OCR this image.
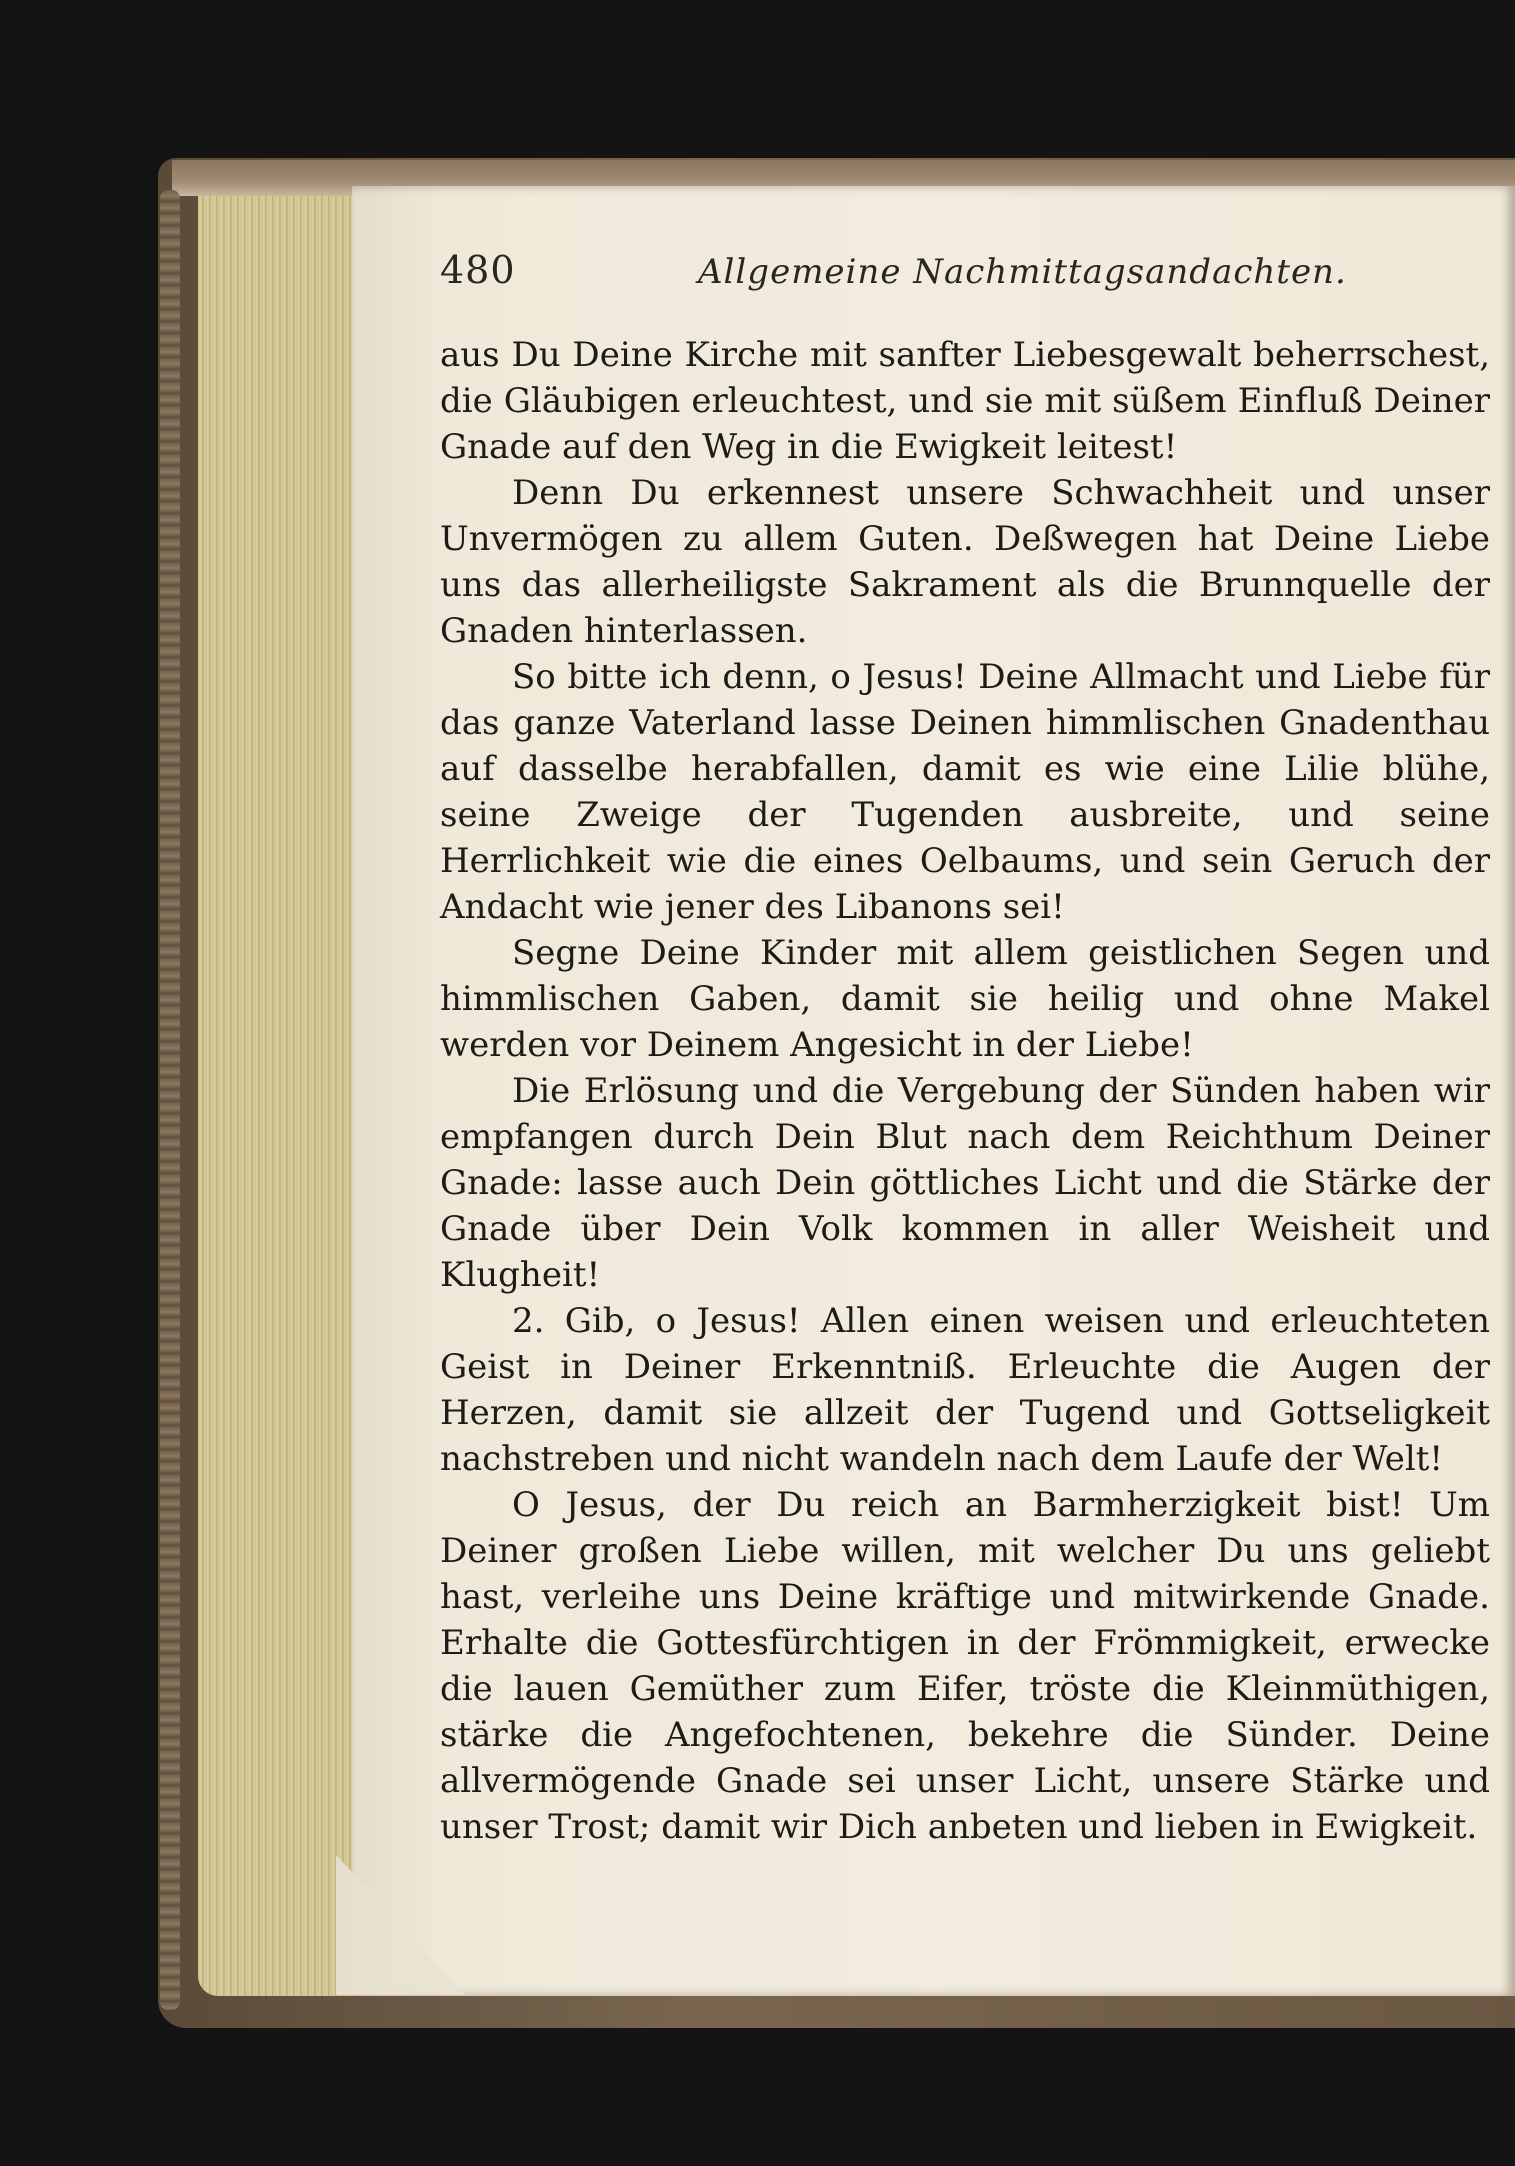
480	Allgemeine Nachmittagsandachten.

aus Du Deine Kirche mit sanfter Liebesgewalt beherrschest, die Gläubigen erleuchtest, und sie mit süßem Einfluß Deiner Gnade auf den Weg in die Ewigkeit leitest!

Denn Du erkennest unsere Schwachheit und unser Unvermögen zu allem Guten. Deßwegen hat Deine Liebe uns das allerheiligste Sakrament als die Brunnquelle der Gnaden hinterlassen.

So bitte ich denn, o Jesus! Deine Allmacht und Liebe für das ganze Vaterland lasse Deinen himmlischen Gnadenthau auf dasselbe herabfallen, damit es wie eine Lilie blühe, seine Zweige der Tugenden ausbreite, und seine Herrlichkeit wie die eines Oelbaums, und sein Geruch der Andacht wie jener des Libanons sei!

Segne Deine Kinder mit allem geistlichen Segen und himmlischen Gaben, damit sie heilig und ohne Makel werden vor Deinem Angesicht in der Liebe!

Die Erlösung und die Vergebung der Sünden haben wir empfangen durch Dein Blut nach dem Reichthum Deiner Gnade: lasse auch Dein göttliches Licht und die Stärke der Gnade über Dein Volk kommen in aller Weisheit und Klugheit!

2. Gib, o Jesus! Allen einen weisen und erleuchteten Geist in Deiner Erkenntniß. Erleuchte die Augen der Herzen, damit sie allzeit der Tugend und Gottseligkeit nachstreben und nicht wandeln nach dem Laufe der Welt!

O Jesus, der Du reich an Barmherzigkeit bist! Um Deiner großen Liebe willen, mit welcher Du uns geliebt hast, verleihe uns Deine kräftige und mitwirkende Gnade. Erhalte die Gottesfürchtigen in der Frömmigkeit, erwecke die lauen Gemüther zum Eifer, tröste die Kleinmüthigen, stärke die Angefochtenen, bekehre die Sünder. Deine allvermögende Gnade sei unser Licht, unsere Stärke und unser Trost; damit wir Dich anbeten und lieben in Ewigkeit.
